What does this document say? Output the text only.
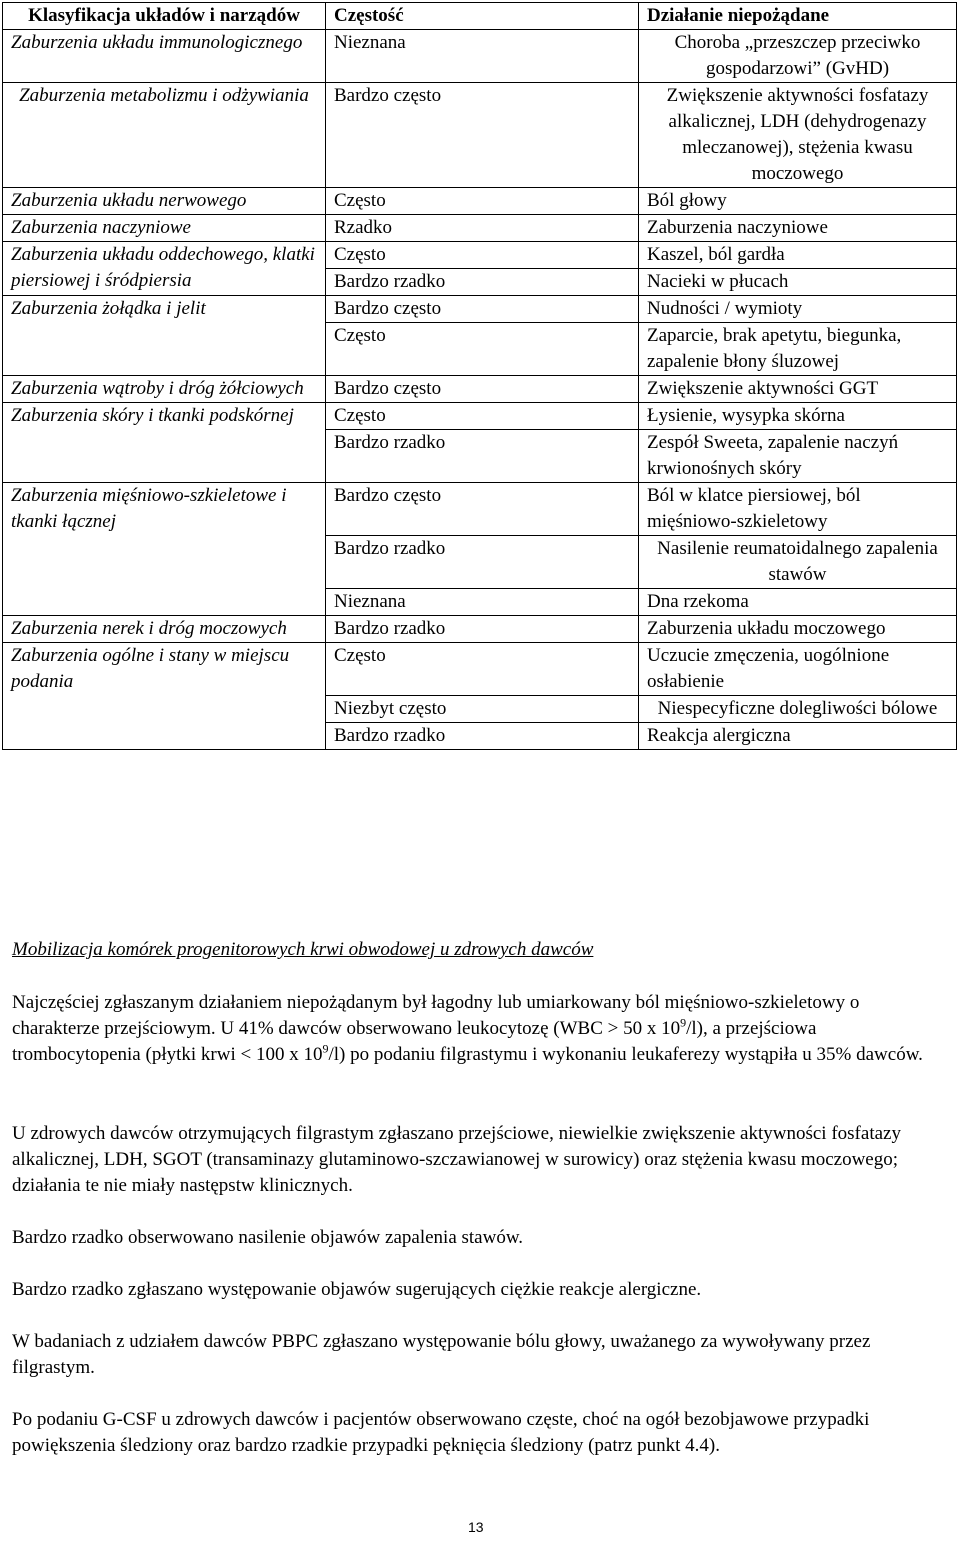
Klasyfikacja układów i narządów	Częstość	Działanie niepożądane
Zaburzenia układu immunologicznego	Nieznana	Choroba „przeszczep przeciwko gospodarzowi” (GvHD)
Zaburzenia metabolizmu i odżywiania	Bardzo często	Zwiększenie aktywności fosfatazy alkalicznej, LDH (dehydrogenazy mleczanowej), stężenia kwasu moczowego
Zaburzenia układu nerwowego	Często	Ból głowy
Zaburzenia naczyniowe	Rzadko	Zaburzenia naczyniowe
Zaburzenia układu oddechowego, klatki piersiowej i śródpiersia	Często	Kaszel, ból gardła
	Bardzo rzadko	Nacieki w płucach
Zaburzenia żołądka i jelit	Bardzo często	Nudności / wymioty
	Często	Zaparcie, brak apetytu, biegunka, zapalenie błony śluzowej
Zaburzenia wątroby i dróg żółciowych	Bardzo często	Zwiększenie aktywności GGT
Zaburzenia skóry i tkanki podskórnej	Często	Łysienie, wysypka skórna
	Bardzo rzadko	Zespół Sweeta, zapalenie naczyń krwionośnych skóry
Zaburzenia mięśniowo-szkieletowe i tkanki łącznej	Bardzo często	Ból w klatce piersiowej, ból mięśniowo-szkieletowy
	Bardzo rzadko	Nasilenie reumatoidalnego zapalenia stawów
	Nieznana	Dna rzekoma
Zaburzenia nerek i dróg moczowych	Bardzo rzadko	Zaburzenia układu moczowego
Zaburzenia ogólne i stany w miejscu podania	Często	Uczucie zmęczenia, uogólnione osłabienie
	Niezbyt często	Niespecyficzne dolegliwości bólowe
	Bardzo rzadko	Reakcja alergiczna
Mobilizacja komórek progenitorowych krwi obwodowej u zdrowych dawców

Najczęściej zgłaszanym działaniem niepożądanym był łagodny lub umiarkowany ból mięśniowo-szkieletowy o charakterze przejściowym. U 41% dawców obserwowano leukocytozę (WBC > 50 x $10^9/l$), a przejściowa trombocytopenia (płytki krwi < 100 x $10^9/l$) po podaniu filgrastymu i wykonaniu leukaferezy wystąpiła u 35% dawców.

U zdrowych dawców otrzymujących filgrastym zgłaszano przejściowe, niewielkie zwiększenie aktywności fosfatazy alkalicznej, LDH, SGOT (transaminazy glutaminowo-szczawianowej w surowicy) oraz stężenia kwasu moczowego; działania te nie miały następstw klinicznych.

Bardzo rzadko obserwowano nasilenie objawów zapalenia stawów.

Bardzo rzadko zgłaszano występowanie objawów sugerujących ciężkie reakcje alergiczne.

W badaniach z udziałem dawców PBPC zgłaszano występowanie bólu głowy, uważanego za wywoływany przez filgrastym.

Po podaniu G-CSF u zdrowych dawców i pacjentów obserwowano częste, choć na ogół bezobjawowe przypadki powiększenia śledziony oraz bardzo rzadkie przypadki pęknięcia śledziony (patrz punkt 4.4).

13
